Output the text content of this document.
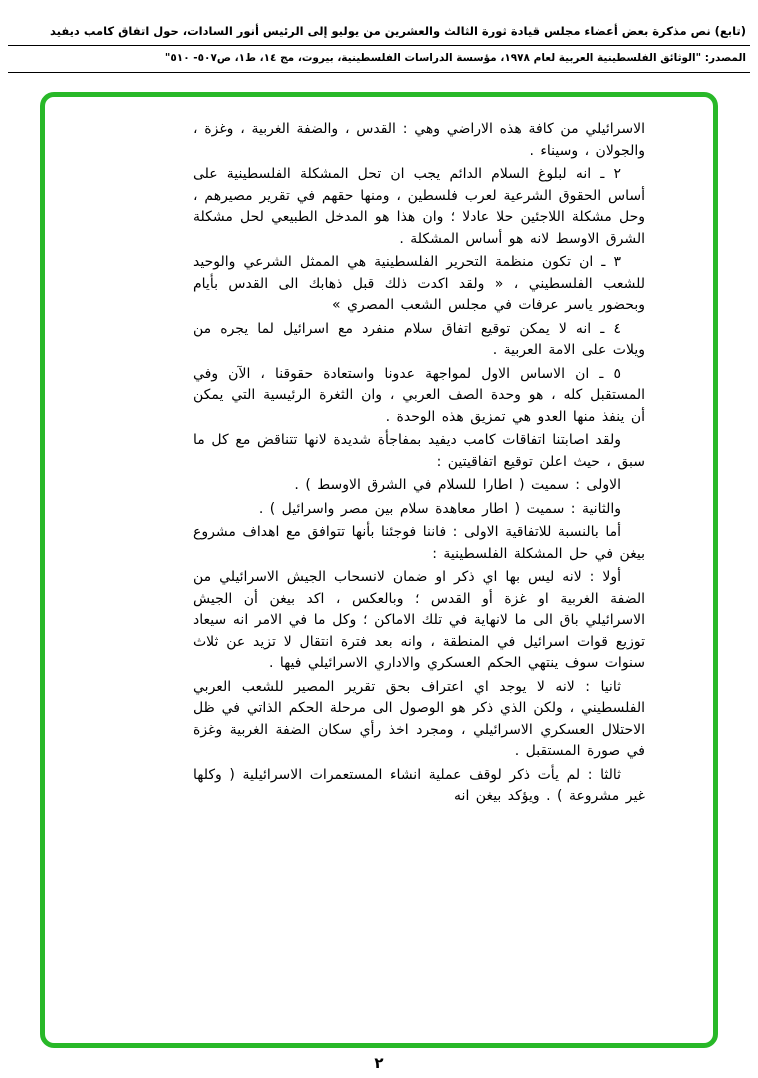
(تابع) نص مذكرة بعض أعضاء مجلس قيادة ثورة الثالث والعشرين من يوليو إلى الرئيس أنور السادات، حول اتفاق كامب ديفيد
المصدر: "الوثائق الفلسطينية العربية لعام ١٩٧٨، مؤسسة الدراسات الفلسطينية، بيروت، مج ١٤، ط١، ص٥٠٧- ٥١٠"

الاسرائيلي من كافة هذه الاراضي وهي : القدس ، والضفة الغربية ، وغزة ، والجولان ، وسيناء .

٢ ـ انه لبلوغ السلام الدائم يجب ان تحل المشكلة الفلسطينية على أساس الحقوق الشرعية لعرب فلسطين ، ومنها حقهم في تقرير مصيرهم ، وحل مشكلة اللاجئين حلا عادلا ؛ وان هذا هو المدخل الطبيعي لحل مشكلة الشرق الاوسط لانه هو أساس المشكلة .

٣ ـ ان تكون منظمة التحرير الفلسطينية هي الممثل الشرعي والوحيد للشعب الفلسطيني ، « ولقد اكدت ذلك قبل ذهابك الى القدس بأيام وبحضور ياسر عرفات في مجلس الشعب المصري »

٤ ـ انه لا يمكن توقيع اتفاق سلام منفرد مع اسرائيل لما يجره من ويلات على الامة العربية .

٥ ـ ان الاساس الاول لمواجهة عدونا واستعادة حقوقنا ، الآن وفي المستقبل كله ، هو وحدة الصف العربي ، وان الثغرة الرئيسية التي يمكن أن ينفذ منها العدو هي تمزيق هذه الوحدة .

ولقد اصابتنا اتفاقات كامب ديفيد بمفاجأة شديدة لانها تتناقض مع كل ما سبق ، حيث اعلن توقيع اتفاقيتين :

الاولى : سميت ( اطارا للسلام في الشرق الاوسط ) .

والثانية : سميت ( اطار معاهدة سلام بين مصر واسرائيل ) .

أما بالنسبة للاتفاقية الاولى : فاننا فوجئنا بأنها تتوافق مع اهداف مشروع بيغن في حل المشكلة الفلسطينية :

أولا : لانه ليس بها اي ذكر او ضمان لانسحاب الجيش الاسرائيلي من الضفة الغربية او غزة أو القدس ؛ وبالعكس ، اكد بيغن أن الجيش الاسرائيلي باق الى ما لانهاية في تلك الاماكن ؛ وكل ما في الامر انه سيعاد توزيع قوات اسرائيل في المنطقة ، وانه بعد فترة انتقال لا تزيد عن ثلاث سنوات سوف ينتهي الحكم العسكري والاداري الاسرائيلي فيها .

ثانيا : لانه لا يوجد اي اعتراف بحق تقرير المصير للشعب العربي الفلسطيني ، ولكن الذي ذكر هو الوصول الى مرحلة الحكم الذاتي في ظل الاحتلال العسكري الاسرائيلي ، ومجرد اخذ رأي سكان الضفة الغربية وغزة في صورة المستقبل .

ثالثا : لم يأت ذكر لوقف عملية انشاء المستعمرات الاسرائيلية ( وكلها غير مشروعة ) . ويؤكد بيغن انه

٢
